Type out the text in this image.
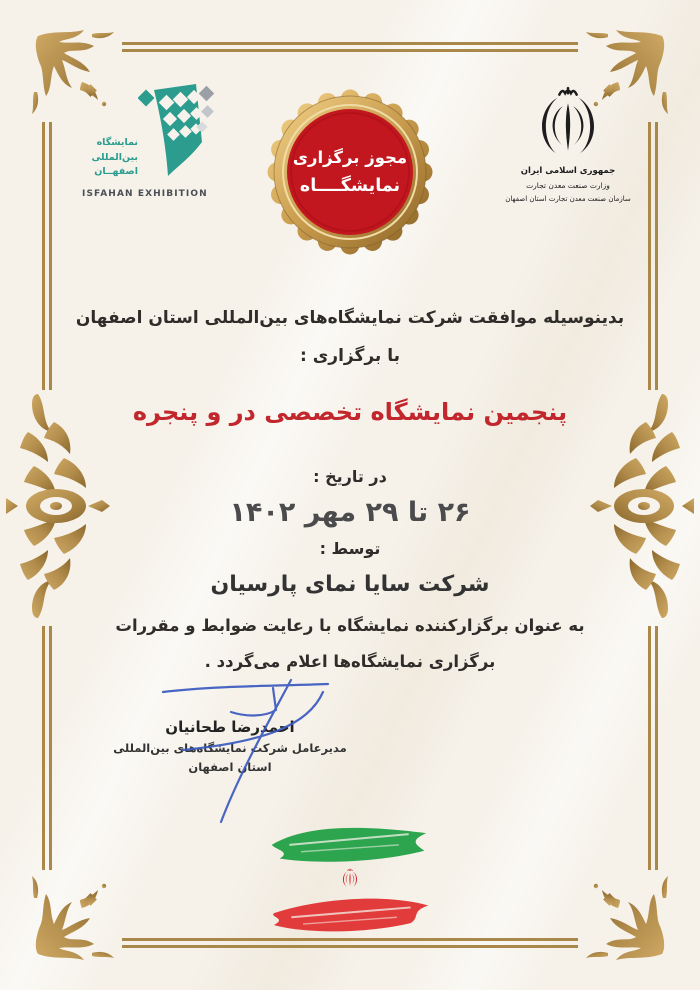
نمایشگاه
بین‌المللی
اصفهــان
ISFAHAN EXHIBITION
مجوز برگزاری
نمایشگــــاه
جمهوری اسلامی ایران
وزارت صنعت معدن تجارت
سازمان صنعت معدن تجارت استان اصفهان

بدینوسیله موافقت شرکت نمایشگاه‌های بین‌المللی استان اصفهان

با برگزاری :

پنجمین نمایشگاه تخصصی در و پنجره

در تاریخ :

۲۶ تا ۲۹ مهر ۱۴۰۲

توسط :

شرکت سایا نمای پارسیان

به عنوان برگزارکننده نمایشگاه با رعایت ضوابط و مقررات

برگزاری نمایشگاه‌ها اعلام می‌گردد .

احمدرضا طحانیان
مدیرعامل شرکت نمایشگاه‌های بین‌المللی
استان اصفهان
